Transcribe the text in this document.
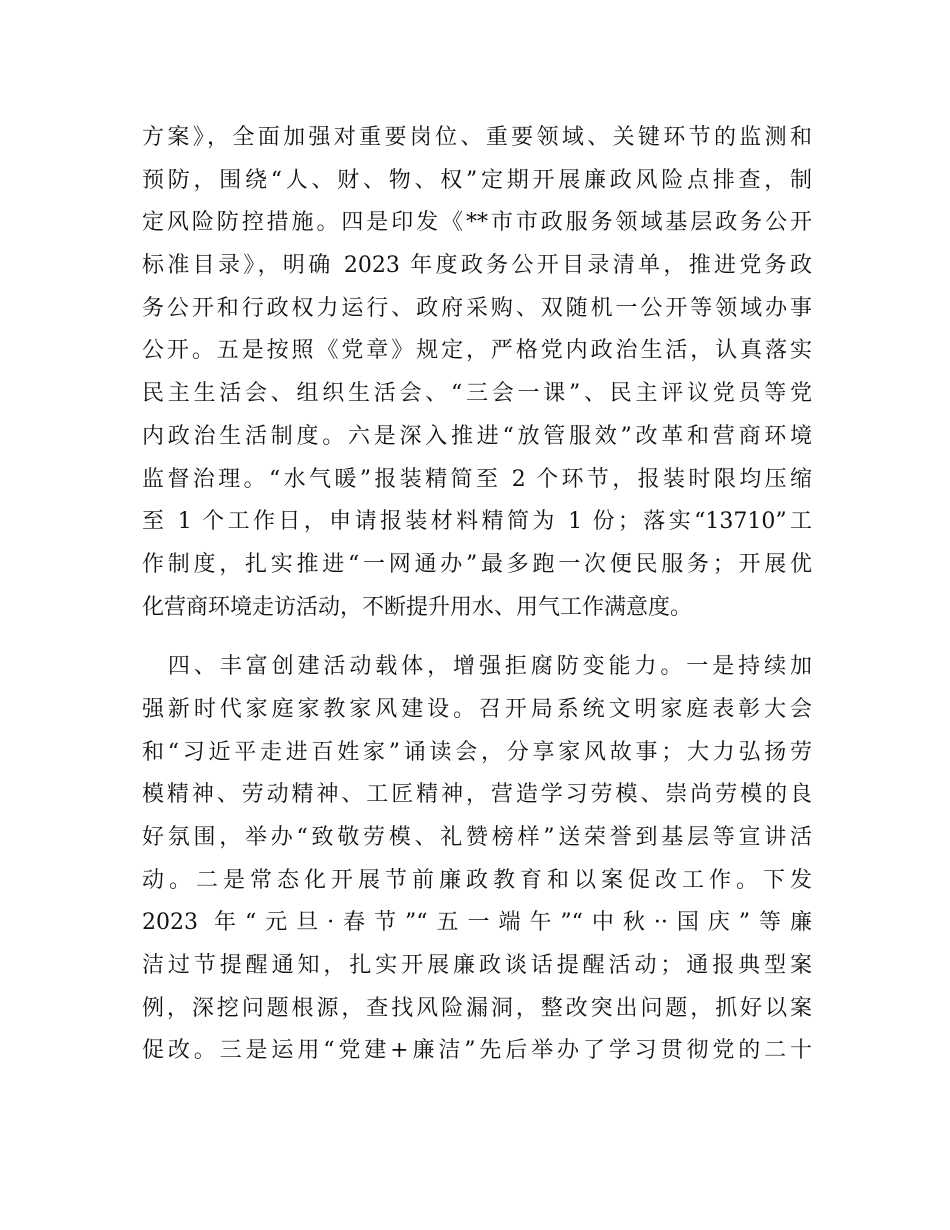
方案》，全面加强对重要岗位、重要领域、关键环节的监测和
预防，围绕“人、财、物、权”定期开展廉政风险点排查，制
定风险防控措施。四是印发《**市市政服务领域基层政务公开
标准目录》，明确 2023 年度政务公开目录清单，推进党务政
务公开和行政权力运行、政府采购、双随机一公开等领域办事
公开。五是按照《党章》规定，严格党内政治生活，认真落实
民主生活会、组织生活会、“三会一课”、民主评议党员等党
内政治生活制度。六是深入推进“放管服效”改革和营商环境
监督治理。“水气暖”报装精简至 2 个环节，报装时限均压缩
至 1 个工作日，申请报装材料精简为 1 份；落实“13710”工
作制度，扎实推进“一网通办”最多跑一次便民服务；开展优
化营商环境走访活动，不断提升用水、用气工作满意度。
　四、丰富创建活动载体，增强拒腐防变能力。一是持续加
强新时代家庭家教家风建设。召开局系统文明家庭表彰大会
和“习近平走进百姓家”诵读会，分享家风故事；大力弘扬劳
模精神、劳动精神、工匠精神，营造学习劳模、崇尚劳模的良
好氛围，举办“致敬劳模、礼赞榜样”送荣誉到基层等宣讲活
动。二是常态化开展节前廉政教育和以案促改工作。下发
2023 年“元旦·春节”“五一端午”“中秋··国庆”等廉
洁过节提醒通知，扎实开展廉政谈话提醒活动；通报典型案
例，深挖问题根源，查找风险漏洞，整改突出问题，抓好以案
促改。三是运用“党建+廉洁”先后举办了学习贯彻党的二十
